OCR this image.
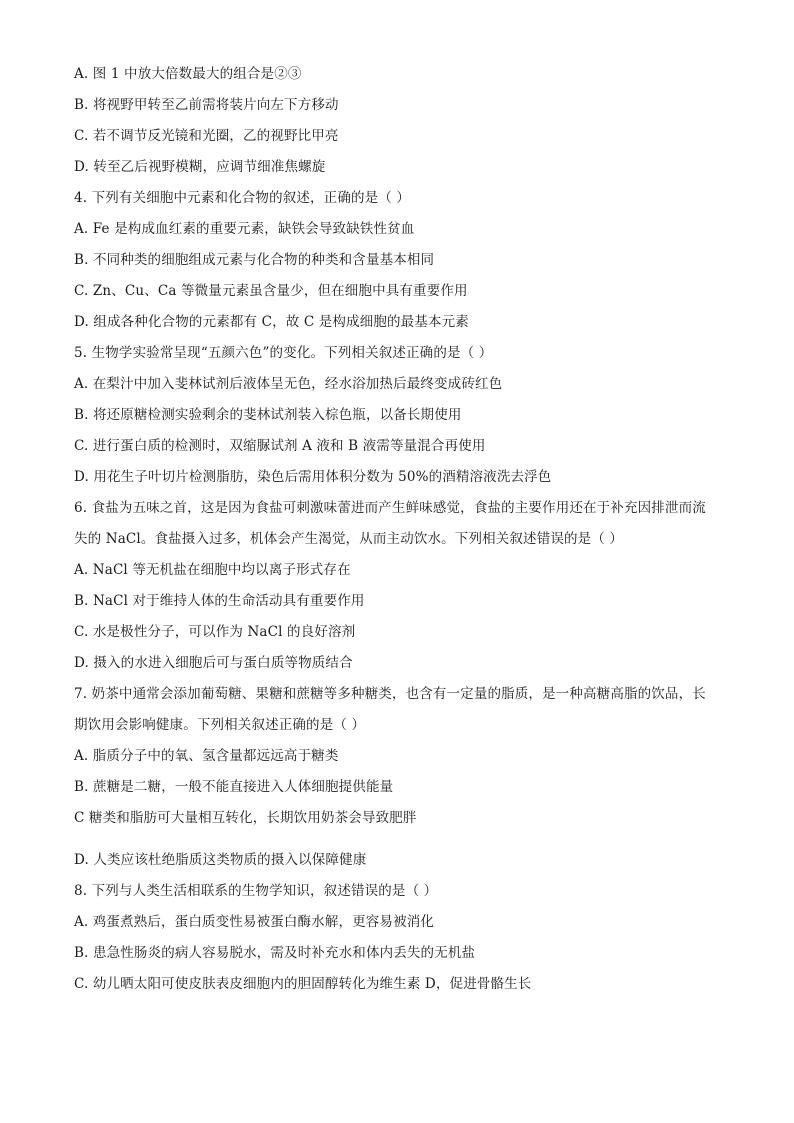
A. 图 1 中放大倍数最大的组合是②③
B. 将视野甲转至乙前需将装片向左下方移动
C. 若不调节反光镜和光圈，乙的视野比甲亮
D. 转至乙后视野模糊，应调节细准焦螺旋
4. 下列有关细胞中元素和化合物的叙述，正确的是（ ）
A. Fe 是构成血红素的重要元素，缺铁会导致缺铁性贫血
B. 不同种类的细胞组成元素与化合物的种类和含量基本相同
C. Zn、Cu、Ca 等微量元素虽含量少，但在细胞中具有重要作用
D. 组成各种化合物的元素都有 C，故 C 是构成细胞的最基本元素
5. 生物学实验常呈现“五颜六色”的变化。下列相关叙述正确的是（ ）
A. 在梨汁中加入斐林试剂后液体呈无色，经水浴加热后最终变成砖红色
B. 将还原糖检测实验剩余的斐林试剂装入棕色瓶，以备长期使用
C. 进行蛋白质的检测时，双缩脲试剂 A 液和 B 液需等量混合再使用
D. 用花生子叶切片检测脂肪，染色后需用体积分数为 50%的酒精溶液洗去浮色
6. 食盐为五味之首，这是因为食盐可刺激味蕾进而产生鲜味感觉，食盐的主要作用还在于补充因排泄而流
失的 NaCl。食盐摄入过多，机体会产生渴觉，从而主动饮水。下列相关叙述错误的是（ ）
A. NaCl 等无机盐在细胞中均以离子形式存在
B. NaCl 对于维持人体的生命活动具有重要作用
C. 水是极性分子，可以作为 NaCl 的良好溶剂
D. 摄入的水进入细胞后可与蛋白质等物质结合
7. 奶茶中通常会添加葡萄糖、果糖和蔗糖等多种糖类，也含有一定量的脂质，是一种高糖高脂的饮品，长
期饮用会影响健康。下列相关叙述正确的是（ ）
A. 脂质分子中的氧、氢含量都远远高于糖类
B. 蔗糖是二糖，一般不能直接进入人体细胞提供能量
C 糖类和脂肪可大量相互转化，长期饮用奶茶会导致肥胖
D. 人类应该杜绝脂质这类物质的摄入以保障健康
8. 下列与人类生活相联系的生物学知识，叙述错误的是（ ）
A. 鸡蛋煮熟后，蛋白质变性易被蛋白酶水解，更容易被消化
B. 患急性肠炎的病人容易脱水，需及时补充水和体内丢失的无机盐
C. 幼儿晒太阳可使皮肤表皮细胞内的胆固醇转化为维生素 D，促进骨骼生长
